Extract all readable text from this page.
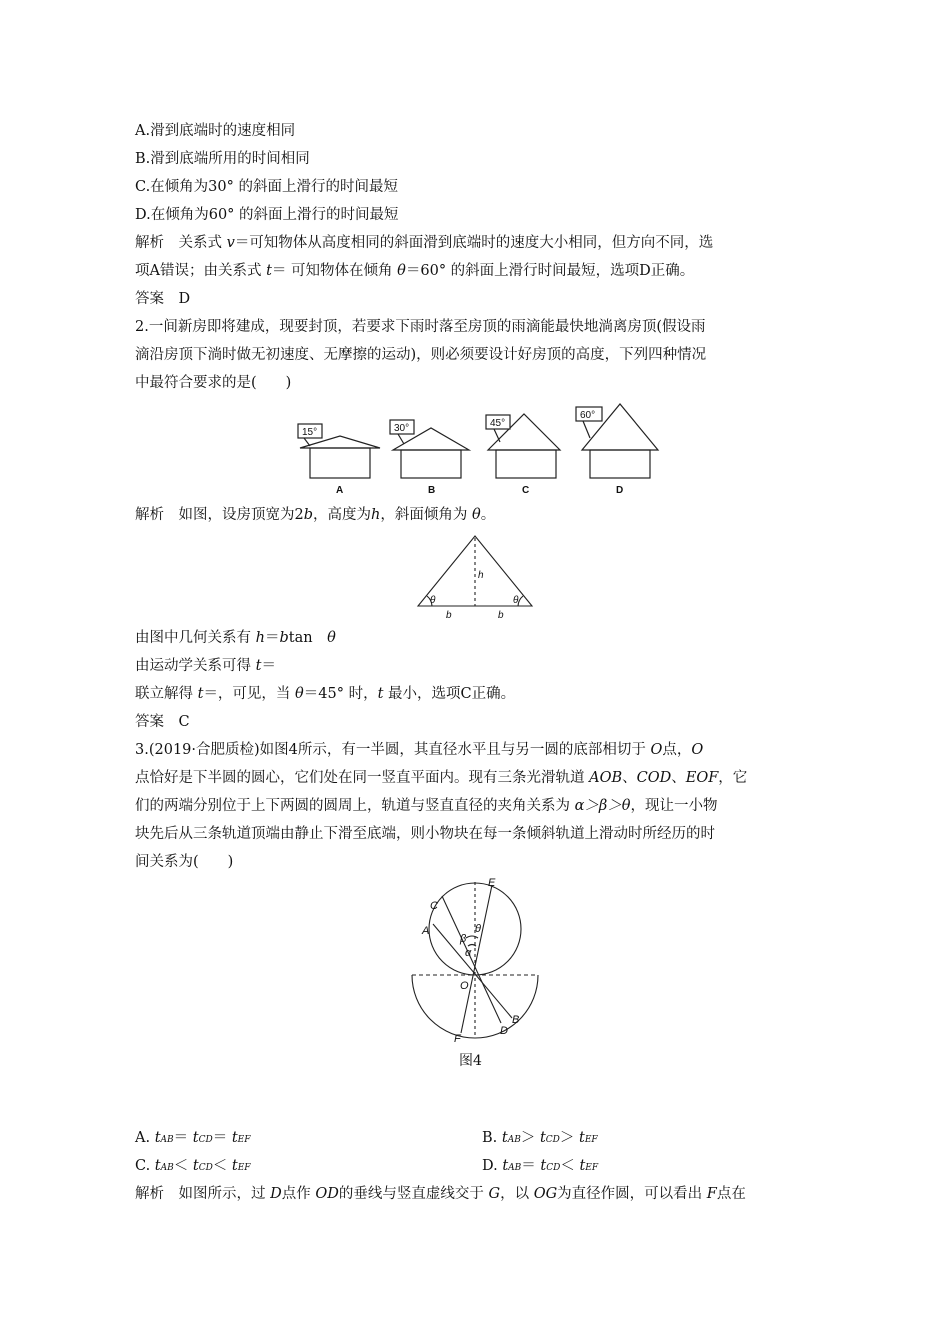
A.滑到底端时的速度相同
B.滑到底端所用的时间相同
C.在倾角为30° 的斜面上滑行的时间最短
D.在倾角为60° 的斜面上滑行的时间最短
解析　关系式 v＝可知物体从高度相同的斜面滑到底端时的速度大小相同，但方向不同，选
项A错误；由关系式 t＝ 可知物体在倾角 θ＝60° 的斜面上滑行时间最短，选项D正确。
答案　D
2.一间新房即将建成，现要封顶，若要求下雨时落至房顶的雨滴能最快地淌离房顶(假设雨
滴沿房顶下淌时做无初速度、无摩擦的运动)，则必须要设计好房顶的高度，下列四种情况
中最符合要求的是(　　)
15°	30°	45°
60°
A	B	C	D
解析　如图，设房顶宽为2b，高度为h，斜面倾角为 θ。
h
θ	θ
b	b
由图中几何关系有 h＝btan　θ
由运动学关系可得 t＝
联立解得 t＝，可见，当 θ＝45° 时，t 最小，选项C正确。
答案　C
3.(2019·合肥质检)如图4所示，有一半圆，其直径水平且与另一圆的底部相切于 O点，O
点恰好是下半圆的圆心，它们处在同一竖直平面内。现有三条光滑轨道 AOB、COD、EOF，它
们的两端分别位于上下两圆的圆周上，轨道与竖直直径的夹角关系为 α＞β＞θ，现让一小物
块先后从三条轨道顶端由静止下滑至底端，则小物块在每一条倾斜轨道上滑动时所经历的时
间关系为(　　)
E
C
A
O
B
D
F
β
θ
α
图4
A. tAB＝ tCD＝ tEF	B. tAB＞ tCD＞ tEF
C. tAB＜ tCD＜ tEF	D. tAB＝ tCD＜ tEF
解析　如图所示，过 D点作 OD的垂线与竖直虚线交于 G，以 OG为直径作圆，可以看出 F点在
